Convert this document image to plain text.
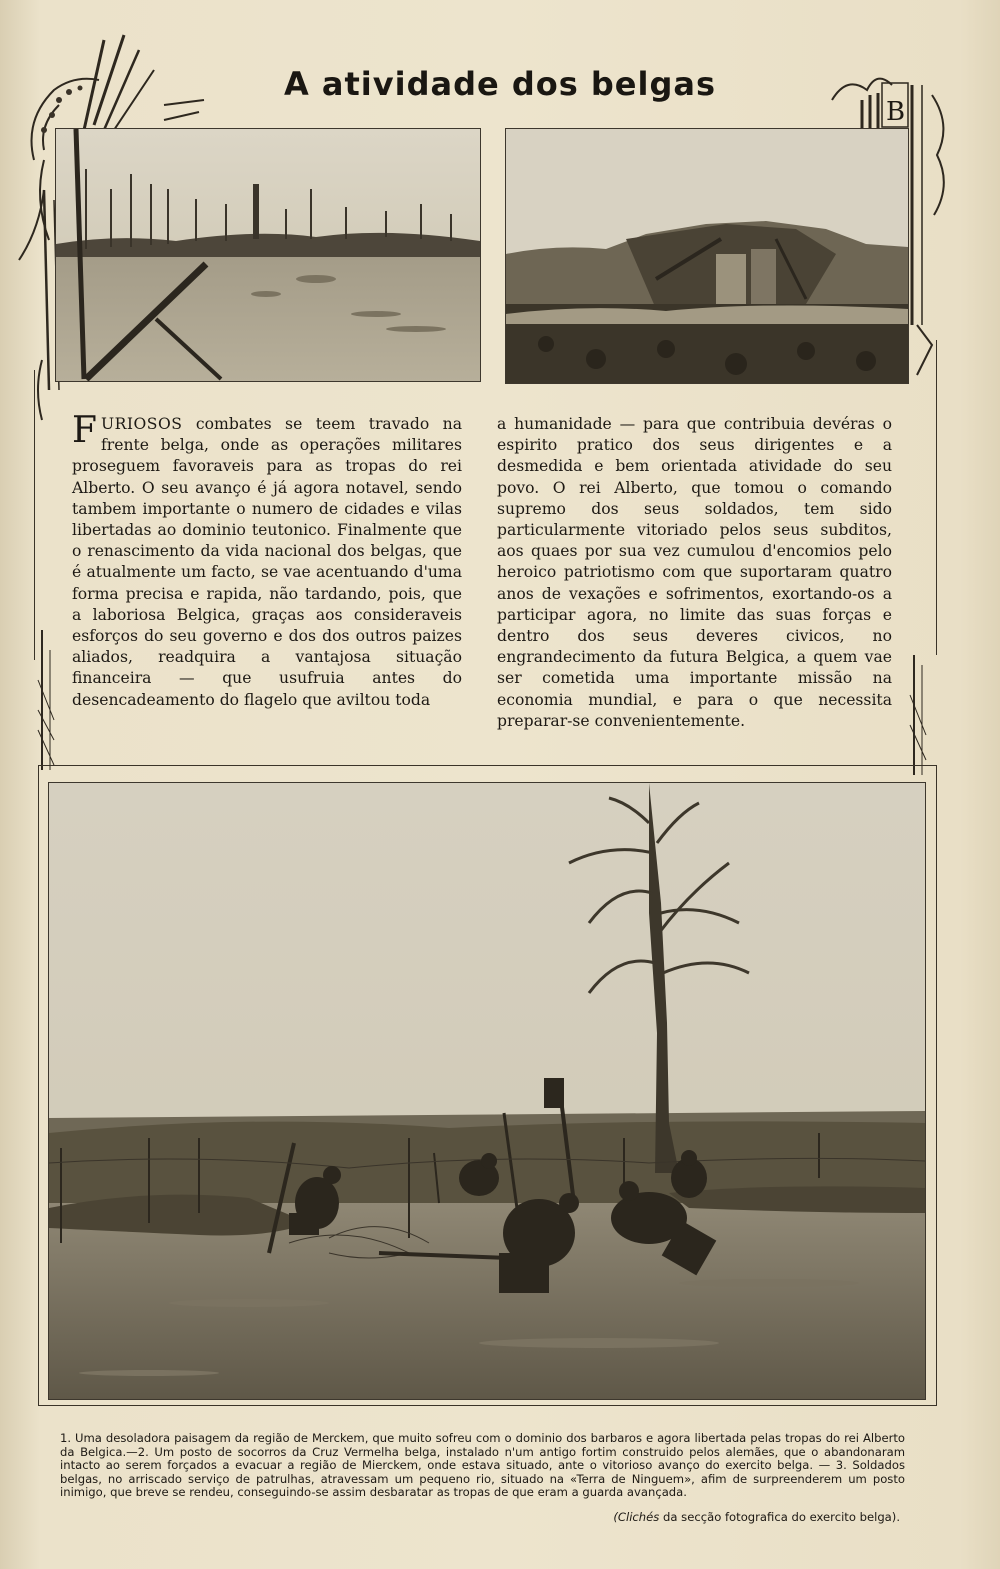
B
A atividade dos belgas

FURIOSOS combates se teem travado na frente belga, onde as operações militares proseguem favoraveis para as tropas do rei Alberto. O seu avanço é já agora notavel, sendo tambem importante o numero de cidades e vilas libertadas ao dominio teutonico. Finalmente que o renascimento da vida nacional dos belgas, que é atualmente um facto, se vae acentuando d'uma forma precisa e rapida, não tardando, pois, que a laboriosa Belgica, graças aos consideraveis esforços do seu governo e dos dos outros paizes aliados, readquira a vantajosa situação financeira — que usufruia antes do desencadeamento do flagelo que aviltou toda

a humanidade — para que contribuia devéras o espirito pratico dos seus dirigentes e a desmedida e bem orientada atividade do seu povo. O rei Alberto, que tomou o comando supremo dos seus soldados, tem sido particularmente vitoriado pelos seus subditos, aos quaes por sua vez cumulou d'encomios pelo heroico patriotismo com que suportaram quatro anos de vexações e sofrimentos, exortando-os a participar agora, no limite das suas forças e dentro dos seus deveres civicos, no engrandecimento da futura Belgica, a quem vae ser cometida uma importante missão na economia mundial, e para o que necessita preparar-se convenientemente.

1. Uma desoladora paisagem da região de Merckem, que muito sofreu com o dominio dos barbaros e agora libertada pelas tropas do rei Alberto da Belgica.—2. Um posto de socorros da Cruz Vermelha belga, instalado n'um antigo fortim construido pelos alemães, que o abandonaram intacto ao serem forçados a evacuar a região de Mierckem, onde estava situado, ante o vitorioso avanço do exercito belga. — 3. Soldados belgas, no arriscado serviço de patrulhas, atravessam um pequeno rio, situado na «Terra de Ninguem», afim de surpreenderem um posto inimigo, que breve se rendeu, conseguindo-se assim desbaratar as tropas de que eram a guarda avançada.
(Clichés da secção fotografica do exercito belga).
